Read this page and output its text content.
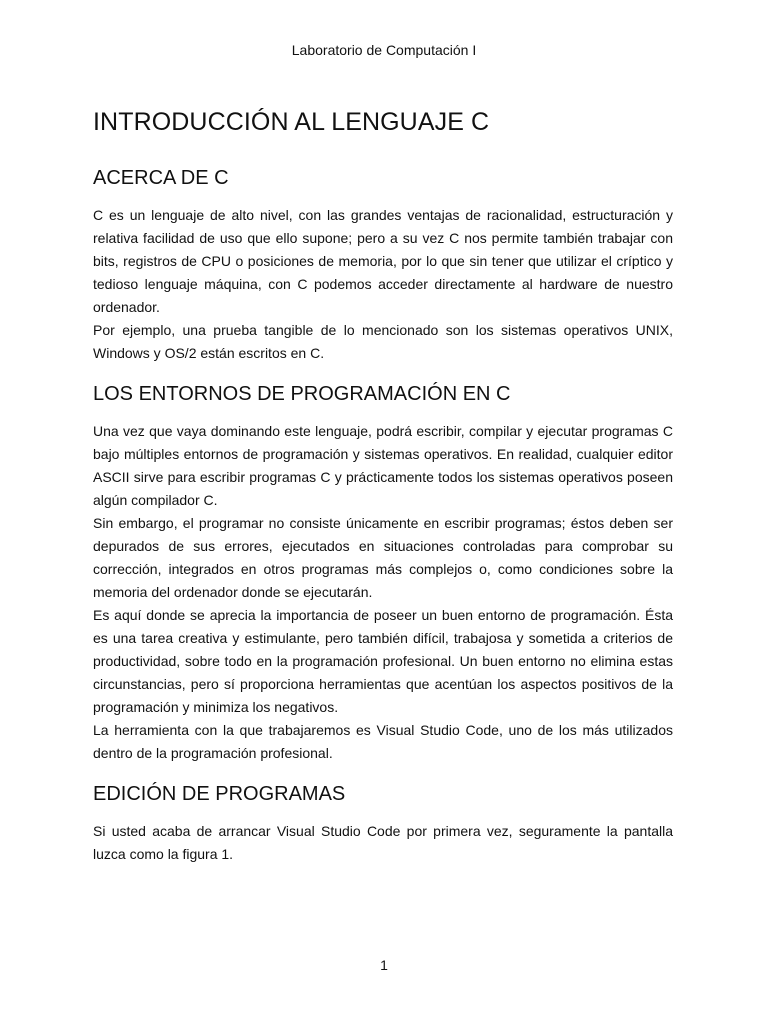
Laboratorio de Computación I
INTRODUCCIÓN AL LENGUAJE C
ACERCA DE C

C es un lenguaje de alto nivel, con las grandes ventajas de racionalidad, estructuración y relativa facilidad de uso que ello supone; pero a su vez C nos permite también trabajar con bits, registros de CPU o posiciones de memoria, por lo que sin tener que utilizar el críptico y tedioso lenguaje máquina, con C podemos acceder directamente al hardware de nuestro ordenador.

Por ejemplo, una prueba tangible de lo mencionado son los sistemas operativos UNIX, Windows y OS/2 están escritos en C.

LOS ENTORNOS DE PROGRAMACIÓN EN C

Una vez que vaya dominando este lenguaje, podrá escribir, compilar y ejecutar programas C bajo múltiples entornos de programación y sistemas operativos. En realidad, cualquier editor ASCII sirve para escribir programas C y prácticamente todos los sistemas operativos poseen algún compilador C.

Sin embargo, el programar no consiste únicamente en escribir programas; éstos deben ser depurados de sus errores, ejecutados en situaciones controladas para comprobar su corrección, integrados en otros programas más complejos o, como condiciones sobre la memoria del ordenador donde se ejecutarán.

Es aquí donde se aprecia la importancia de poseer un buen entorno de programación. Ésta es una tarea creativa y estimulante, pero también difícil, trabajosa y sometida a criterios de productividad, sobre todo en la programación profesional. Un buen entorno no elimina estas circunstancias, pero sí proporciona herramientas que acentúan los aspectos positivos de la programación y minimiza los negativos.

La herramienta con la que trabajaremos es Visual Studio Code, uno de los más utilizados dentro de la programación profesional.

EDICIÓN DE PROGRAMAS

Si usted acaba de arrancar Visual Studio Code por primera vez, seguramente la pantalla luzca como la figura 1.

1
